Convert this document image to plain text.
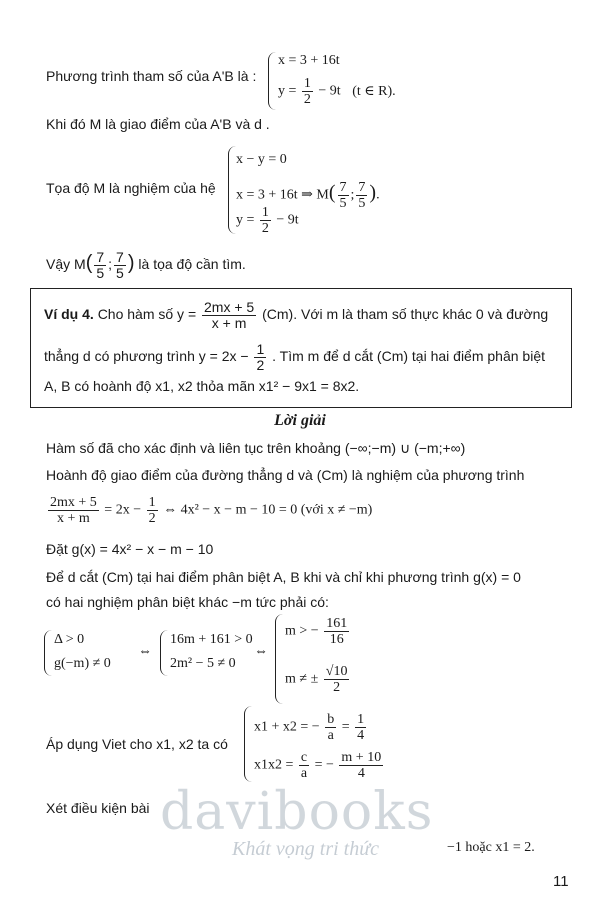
Phương trình tham số của A'B là :
x = 3 + 16t
$y = \frac{1}{2} - 9t$ (t ∈ R).
Khi đó M là giao điểm của A'B và d .
Tọa độ M là nghiệm của hệ
x − y = 0
x = 3 + 16t ⇒ $M( \frac{7}{5}$ ; $\frac{7}{5}$ ).
$y = \frac{1}{2} - 9t$
Vậy $M( \frac{7}{5}$ ; $\frac{7}{5}$ ) là tọa độ cần tìm.
Ví dụ 4. Cho hàm số $y = \frac{2mx + 5}{x + m} (Cm)$. Với m là tham số thực khác 0 và đường
thẳng d có phương trình $y = 2x - \frac{1}{2}$ . Tìm m để d cắt (Cm) tại hai điểm phân biệt
A, B có hoành độ x1, x2 thỏa mãn x1² − 9x1 = 8x2.
Lời giải
Hàm số đã cho xác định và liên tục trên khoảng (−∞;−m) ∪ (−m;+∞)
Hoành độ giao điểm của đường thẳng d và (Cm) là nghiệm của phương trình
$\frac{2mx + 5}{x + m} = 2x - \frac{1}{2}$ ⇔ 4x² − x − m − 10 = 0 (với x ≠ −m)
Đặt g(x) = 4x² − x − m − 10
Để d cắt (Cm) tại hai điểm phân biệt A, B khi và chỉ khi phương trình g(x) = 0
có hai nghiệm phân biệt khác −m tức phải có:
Δ > 0
g(−m) ≠ 0
⇔
16m + 161 > 0
2m² − 5 ≠ 0
⇔
m > − $\frac{161}{16}$
m ≠ ± $\frac{√10}{2}$
Áp dụng Viet cho x1, x2 ta có
x1 + x2 = − $\frac{b}{a} = \frac{1}{4}$
$x1x2 = \frac{c}{a}$ = − $\frac{m + 10}{4}$
Xét điều kiện bài
−1 hoặc x1 = 2.
davibooks
Khát vọng tri thức
11
